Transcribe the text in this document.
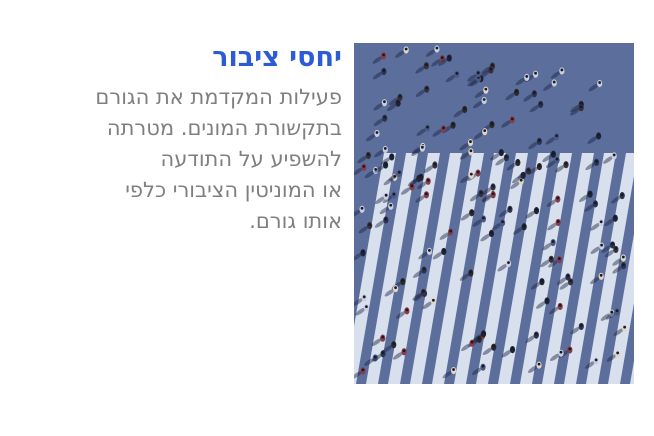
יחסי ציבור

פעילות המקדמת את הגורם
בתקשורת המונים. מטרתה
להשפיע על התודעה
או המוניטין הציבורי כלפי
אותו גורם.
